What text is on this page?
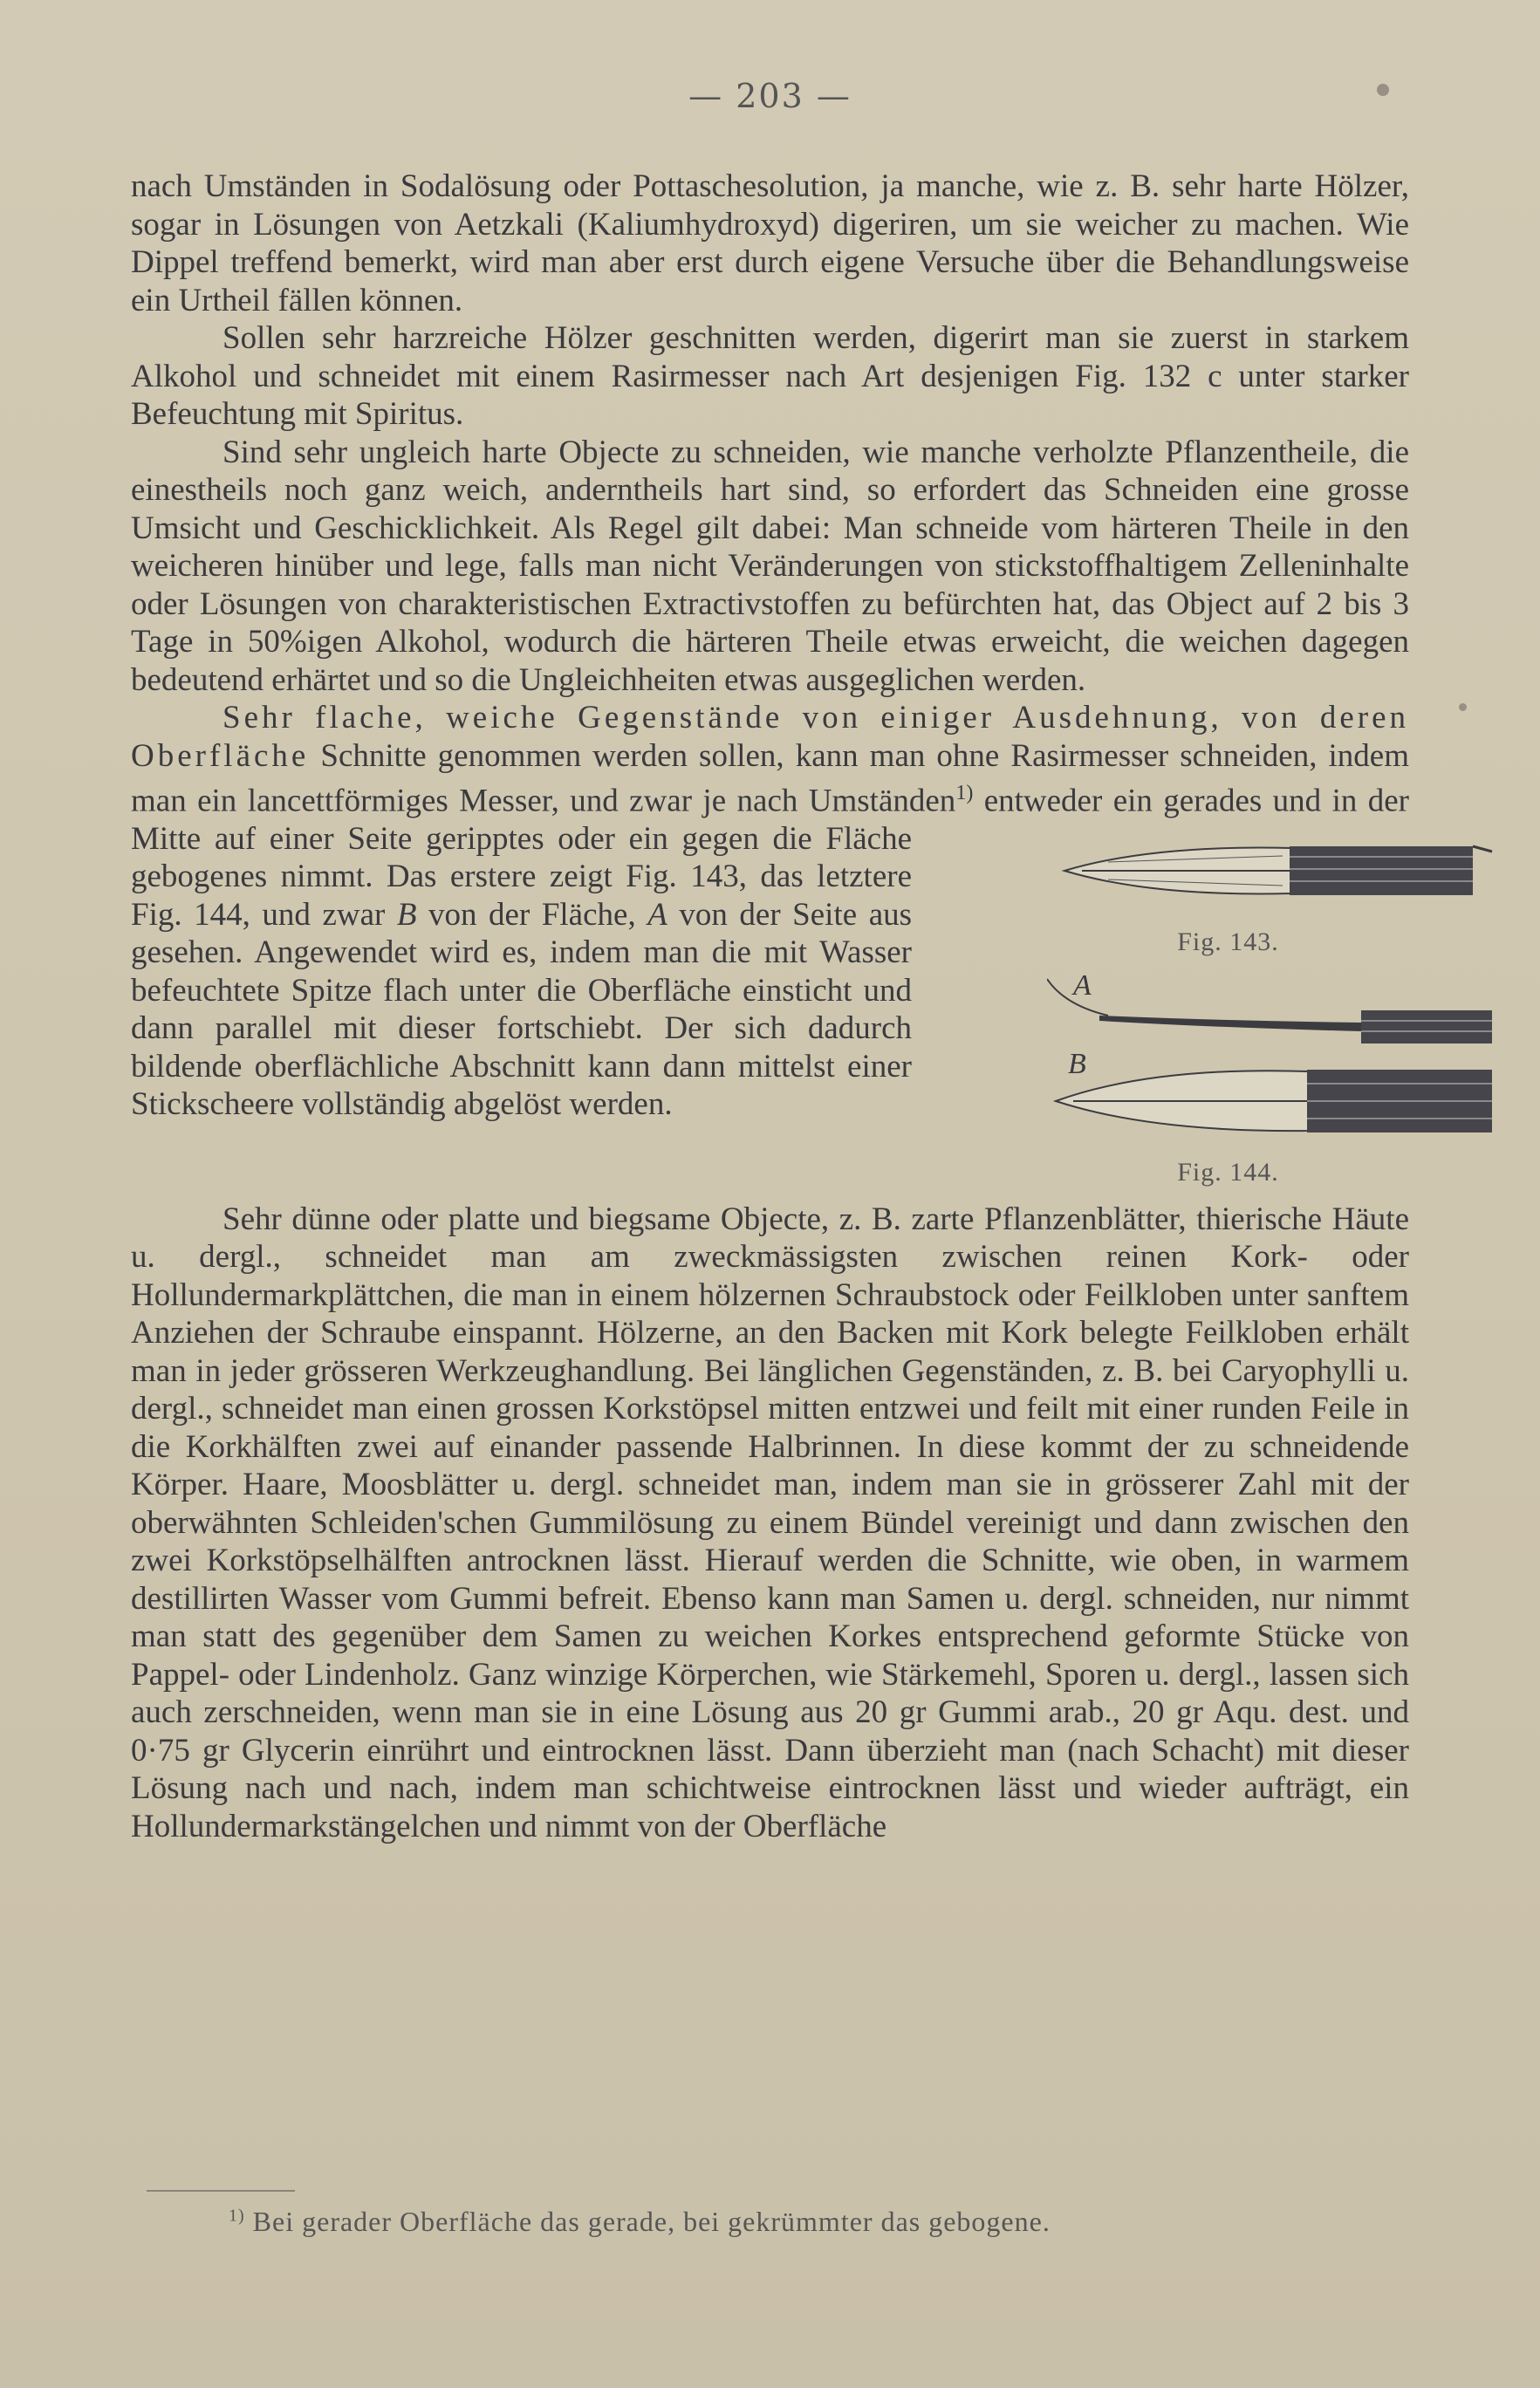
— 203 —

nach Umständen in Sodalösung oder Pottaschesolution, ja manche, wie z. B. sehr harte Hölzer, sogar in Lösungen von Aetzkali (Kaliumhydroxyd) digeriren, um sie weicher zu machen. Wie Dippel treffend bemerkt, wird man aber erst durch eigene Versuche über die Behandlungsweise ein Urtheil fällen können.

Sollen sehr harzreiche Hölzer geschnitten werden, digerirt man sie zuerst in starkem Alkohol und schneidet mit einem Rasirmesser nach Art desjenigen Fig. 132 c unter starker Befeuchtung mit Spiritus.

Sind sehr ungleich harte Objecte zu schneiden, wie manche verholzte Pflanzentheile, die einestheils noch ganz weich, anderntheils hart sind, so erfordert das Schneiden eine grosse Umsicht und Geschicklichkeit. Als Regel gilt dabei: Man schneide vom härteren Theile in den weicheren hinüber und lege, falls man nicht Veränderungen von stickstoffhaltigem Zelleninhalte oder Lösungen von charakteristischen Extractivstoffen zu befürchten hat, das Object auf 2 bis 3 Tage in 50%igen Alkohol, wodurch die härteren Theile etwas erweicht, die weichen dagegen bedeutend erhärtet und so die Ungleichheiten etwas ausgeglichen werden.

Sehr flache, weiche Gegenstände von einiger Ausdehnung, von deren Oberfläche Schnitte genommen werden sollen, kann man ohne Rasirmesser schneiden, indem man ein lancettförmiges Messer, und zwar je nach Umständen$^{1)}$
Fig. 143.
A
B
Fig. 144.
entweder ein gerades und in der Mitte auf einer Seite geripptes oder ein gegen die Fläche gebogenes nimmt. Das erstere zeigt Fig. 143, das letztere Fig. 144, und zwar B von der Fläche, A von der Seite aus gesehen. Angewendet wird es, indem man die mit Wasser befeuchtete Spitze flach unter die Oberfläche einsticht und dann parallel mit dieser fortschiebt. Der sich dadurch bildende oberflächliche Abschnitt kann dann mittelst einer Stickscheere vollständig abgelöst werden.

Sehr dünne oder platte und biegsame Objecte, z. B. zarte Pflanzenblätter, thierische Häute u. dergl., schneidet man am zweckmässigsten zwischen reinen Kork- oder Hollundermarkplättchen, die man in einem hölzernen Schraubstock oder Feilkloben unter sanftem Anziehen der Schraube einspannt. Hölzerne, an den Backen mit Kork belegte Feilkloben erhält man in jeder grösseren Werkzeughandlung. Bei länglichen Gegenständen, z. B. bei Caryophylli u. dergl., schneidet man einen grossen Korkstöpsel mitten entzwei und feilt mit einer runden Feile in die Korkhälften zwei auf einander passende Halbrinnen. In diese kommt der zu schneidende Körper. Haare, Moosblätter u. dergl. schneidet man, indem man sie in grösserer Zahl mit der oberwähnten Schleiden'schen Gummilösung zu einem Bündel vereinigt und dann zwischen den zwei Korkstöpselhälften antrocknen lässt. Hierauf werden die Schnitte, wie oben, in warmem destillirten Wasser vom Gummi befreit. Ebenso kann man Samen u. dergl. schneiden, nur nimmt man statt des gegenüber dem Samen zu weichen Korkes entsprechend geformte Stücke von Pappel- oder Lindenholz. Ganz winzige Körperchen, wie Stärkemehl, Sporen u. dergl., lassen sich auch zerschneiden, wenn man sie in eine Lösung aus 20 gr Gummi arab., 20 gr Aqu. dest. und 0·75 gr Glycerin einrührt und eintrocknen lässt. Dann überzieht man (nach Schacht) mit dieser Lösung nach und nach, indem man schichtweise eintrocknen lässt und wieder aufträgt, ein Hollundermarkstängelchen und nimmt von der Oberfläche

$^{1)}$ Bei gerader Oberfläche das gerade, bei gekrümmter das gebogene.
